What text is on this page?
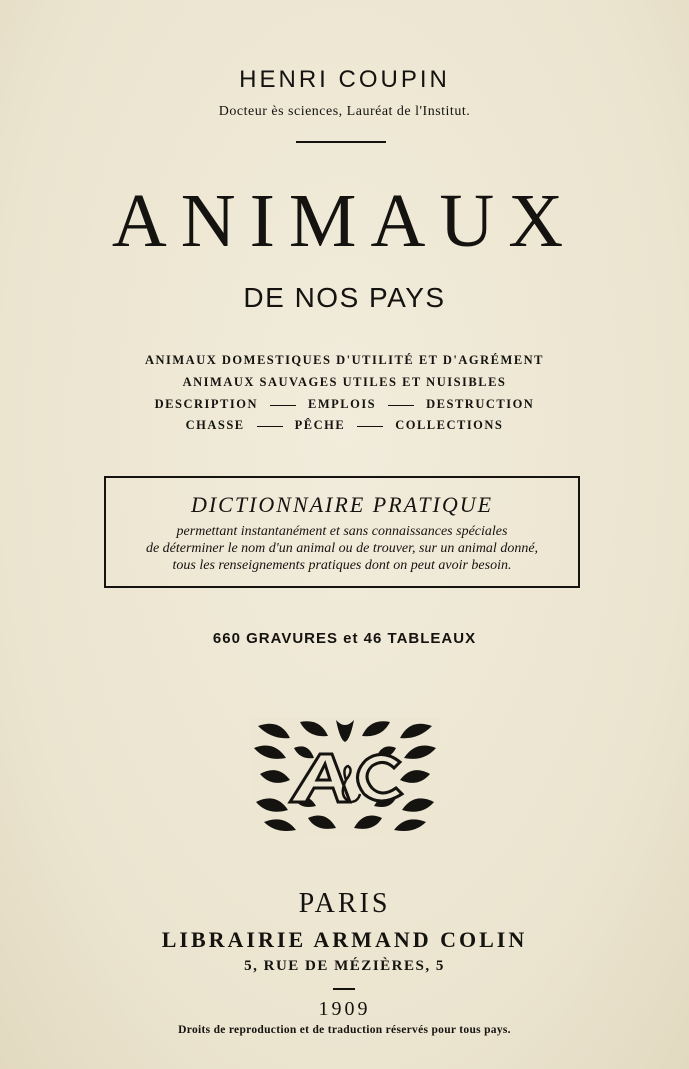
HENRI COUPIN
Docteur ès sciences, Lauréat de l'Institut.
ANIMAUX
DE NOS PAYS
ANIMAUX DOMESTIQUES D'UTILITÉ ET D'AGRÉMENT
ANIMAUX SAUVAGES UTILES ET NUISIBLES
DESCRIPTION	EMPLOIS	DESTRUCTION
CHASSE	PÊCHE	COLLECTIONS
DICTIONNAIRE PRATIQUE
permettant instantanément et sans connaissances spéciales
de déterminer le nom d'un animal ou de trouver, sur un animal donné,
tous les renseignements pratiques dont on peut avoir besoin.
660 GRAVURES et 46 TABLEAUX
PARIS
LIBRAIRIE ARMAND COLIN
5, RUE DE MÉZIÈRES, 5
1909
Droits de reproduction et de traduction réservés pour tous pays.
